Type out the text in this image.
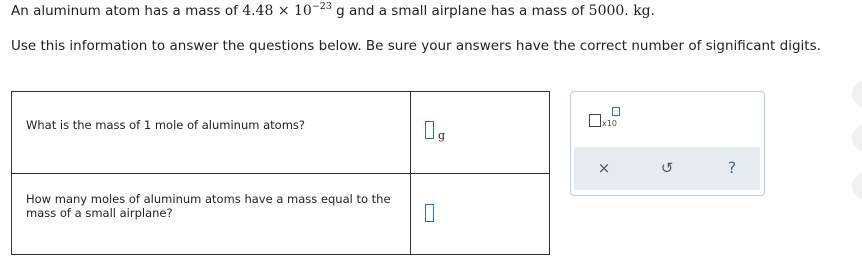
An aluminum atom has a mass of $4.48 \times 10^{-23}$ g and a small airplane has a mass of 5000. kg.
Use this information to answer the questions below. Be sure your answers have the correct number of significant digits.
What is the mass of 1 mole of aluminum atoms?
g
How many moles of aluminum atoms have a mass equal to the mass of a small airplane?
x10
×	↺	?
